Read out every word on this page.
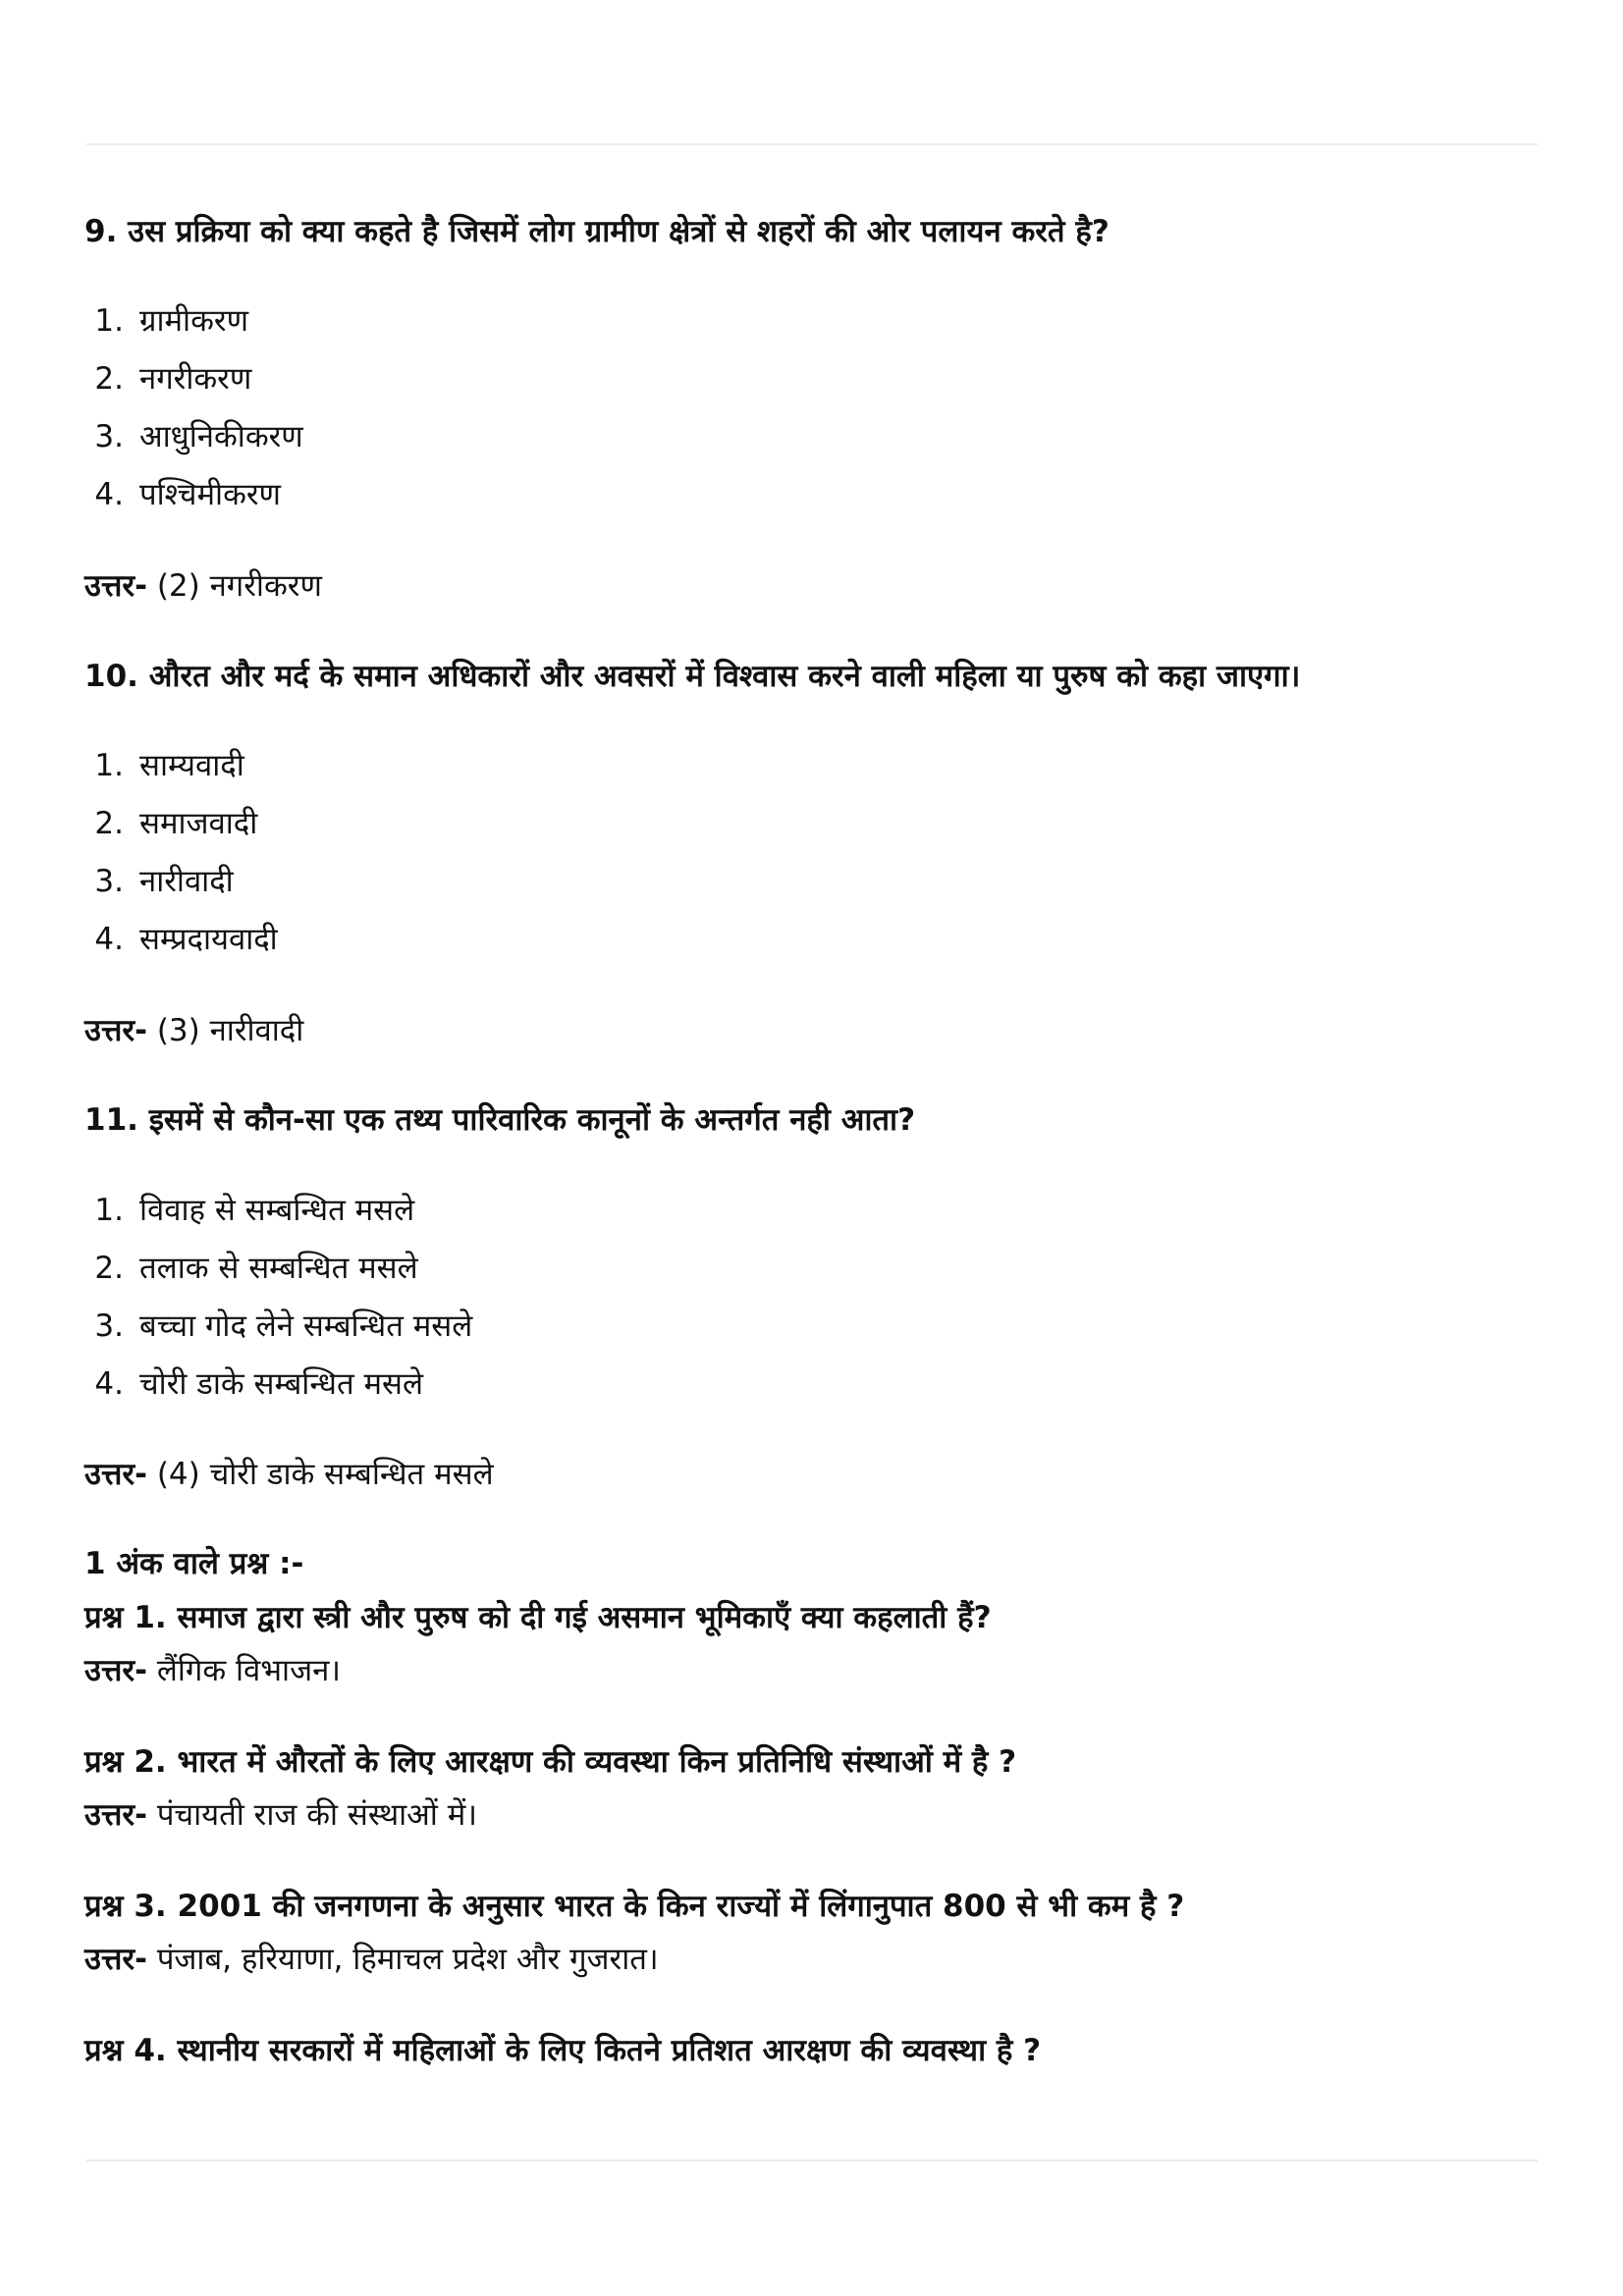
9. उस प्रक्रिया को क्या कहते है जिसमें लोग ग्रामीण क्षेत्रों से शहरों की ओर पलायन करते है?
1. ग्रामीकरण
2. नगरीकरण
3. आधुनिकीकरण
4. पश्चिमीकरण
उत्तर- (2) नगरीकरण
10. औरत और मर्द के समान अधिकारों और अवसरों में विश्वास करने वाली महिला या पुरुष को कहा जाएगा।
1. साम्यवादी
2. समाजवादी
3. नारीवादी
4. सम्प्रदायवादी
उत्तर- (3) नारीवादी
11. इसमें से कौन-सा एक तथ्य पारिवारिक कानूनों के अन्तर्गत नही आता?
1. विवाह से सम्बन्धित मसले
2. तलाक से सम्बन्धित मसले
3. बच्चा गोद लेने सम्बन्धित मसले
4. चोरी डाके सम्बन्धित मसले
उत्तर- (4) चोरी डाके सम्बन्धित मसले
1 अंक वाले प्रश्न :-
प्रश्न 1. समाज द्वारा स्त्री और पुरुष को दी गई असमान भूमिकाएँ क्या कहलाती हैं?
उत्तर- लैंगिक विभाजन।
प्रश्न 2. भारत में औरतों के लिए आरक्षण की व्यवस्था किन प्रतिनिधि संस्थाओं में है ?
उत्तर- पंचायती राज की संस्थाओं में।
प्रश्न 3. 2001 की जनगणना के अनुसार भारत के किन राज्यों में लिंगानुपात 800 से भी कम है ?
उत्तर- पंजाब, हरियाणा, हिमाचल प्रदेश और गुजरात।
प्रश्न 4. स्थानीय सरकारों में महिलाओं के लिए कितने प्रतिशत आरक्षण की व्यवस्था है ?
